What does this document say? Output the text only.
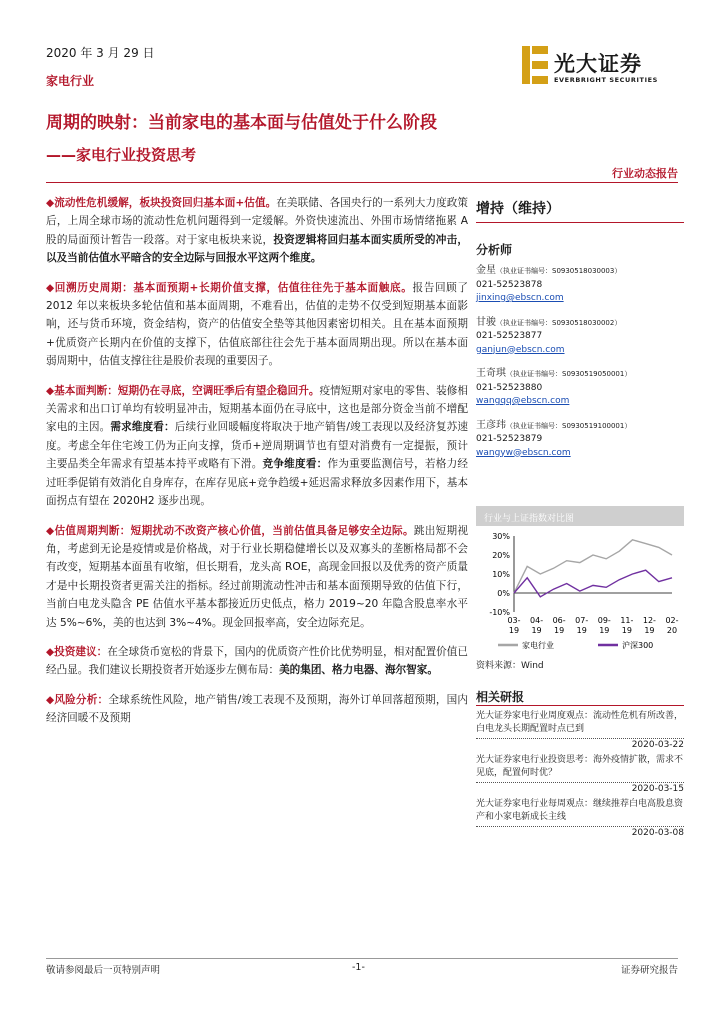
2020 年 3 月 29 日
家电行业
光大证券
EVERBRIGHT SECURITIES
周期的映射：当前家电的基本面与估值处于什么阶段
——家电行业投资思考
行业动态报告

◆流动性危机缓解，板块投资回归基本面+估值。在美联储、各国央行的一系列大力度政策后，上周全球市场的流动性危机问题得到一定缓解。外资快速流出、外围市场情绪拖累 A 股的局面预计暂告一段落。对于家电板块来说，投资逻辑将回归基本面实质所受的冲击，以及当前估值水平暗含的安全边际与回报水平这两个维度。

◆回溯历史周期：基本面预期+长期价值支撑，估值往往先于基本面触底。报告回顾了 2012 年以来板块多轮估值和基本面周期，不难看出，估值的走势不仅受到短期基本面影响，还与货币环境，资金结构，资产的估值安全垫等其他因素密切相关。且在基本面预期+优质资产长期内在价值的支撑下，估值底部往往会先于基本面周期出现。所以在基本面弱周期中，估值支撑往往是股价表现的重要因子。

◆基本面判断：短期仍在寻底，空调旺季后有望企稳回升。疫情短期对家电的零售、装修相关需求和出口订单均有较明显冲击，短期基本面仍在寻底中，这也是部分资金当前不增配家电的主因。需求维度看：后续行业回暖幅度将取决于地产销售/竣工表现以及经济复苏速度。考虑全年住宅竣工仍为正向支撑，货币+逆周期调节也有望对消费有一定提振，预计主要品类全年需求有望基本持平或略有下滑。竞争维度看：作为重要监测信号，若格力经过旺季促销有效消化自身库存，在库存见底+竞争趋缓+延迟需求释放多因素作用下，基本面拐点有望在 2020H2 逐步出现。

◆估值周期判断：短期扰动不改资产核心价值，当前估值具备足够安全边际。跳出短期视角，考虑到无论是疫情或是价格战，对于行业长期稳健增长以及双寡头的垄断格局都不会有改变，短期基本面虽有收缩，但长期看，龙头高 ROE，高现金回报以及优秀的资产质量才是中长期投资者更需关注的指标。经过前期流动性冲击和基本面预期导致的估值下行，当前白电龙头隐含 PE 估值水平基本都接近历史低点，格力 2019~20 年隐含股息率水平达 5%~6%，美的也达到 3%~4%。现金回报率高，安全边际充足。

◆投资建议：在全球货币宽松的背景下，国内的优质资产性价比优势明显，相对配置价值已经凸显。我们建议长期投资者开始逐步左侧布局：美的集团、格力电器、海尔智家。

◆风险分析：全球系统性风险，地产销售/竣工表现不及预期，海外订单回落超预期，国内经济回暖不及预期

增持（维持）
分析师
金星（执业证书编号：S0930518030003）
021-52523878
jinxing@ebscn.com
甘骏（执业证书编号：S0930518030002）
021-52523877
ganjun@ebscn.com
王奇琪（执业证书编号：S0930519050001）
021-52523880
wangqq@ebscn.com
王彦玮（执业证书编号：S0930519100001）
021-52523879
wangyw@ebscn.com
行业与上证指数对比图
30%
20%
10%
0%
-10%
03-
19
04-
19
06-
19
07-
19
09-
19
11-
19
12-
19
02-
20
家电行业	沪深300
资料来源：Wind
相关研报
光大证券家电行业周度观点：流动性危机有所改善，白电龙头长期配置时点已到
2020-03-22
光大证券家电行业投资思考：海外疫情扩散，需求不见底，配置何时优？
2020-03-15
光大证券家电行业每周观点：继续推荐白电高股息资产和小家电新成长主线
2020-03-08
敬请参阅最后一页特别声明	-1-	证券研究报告
